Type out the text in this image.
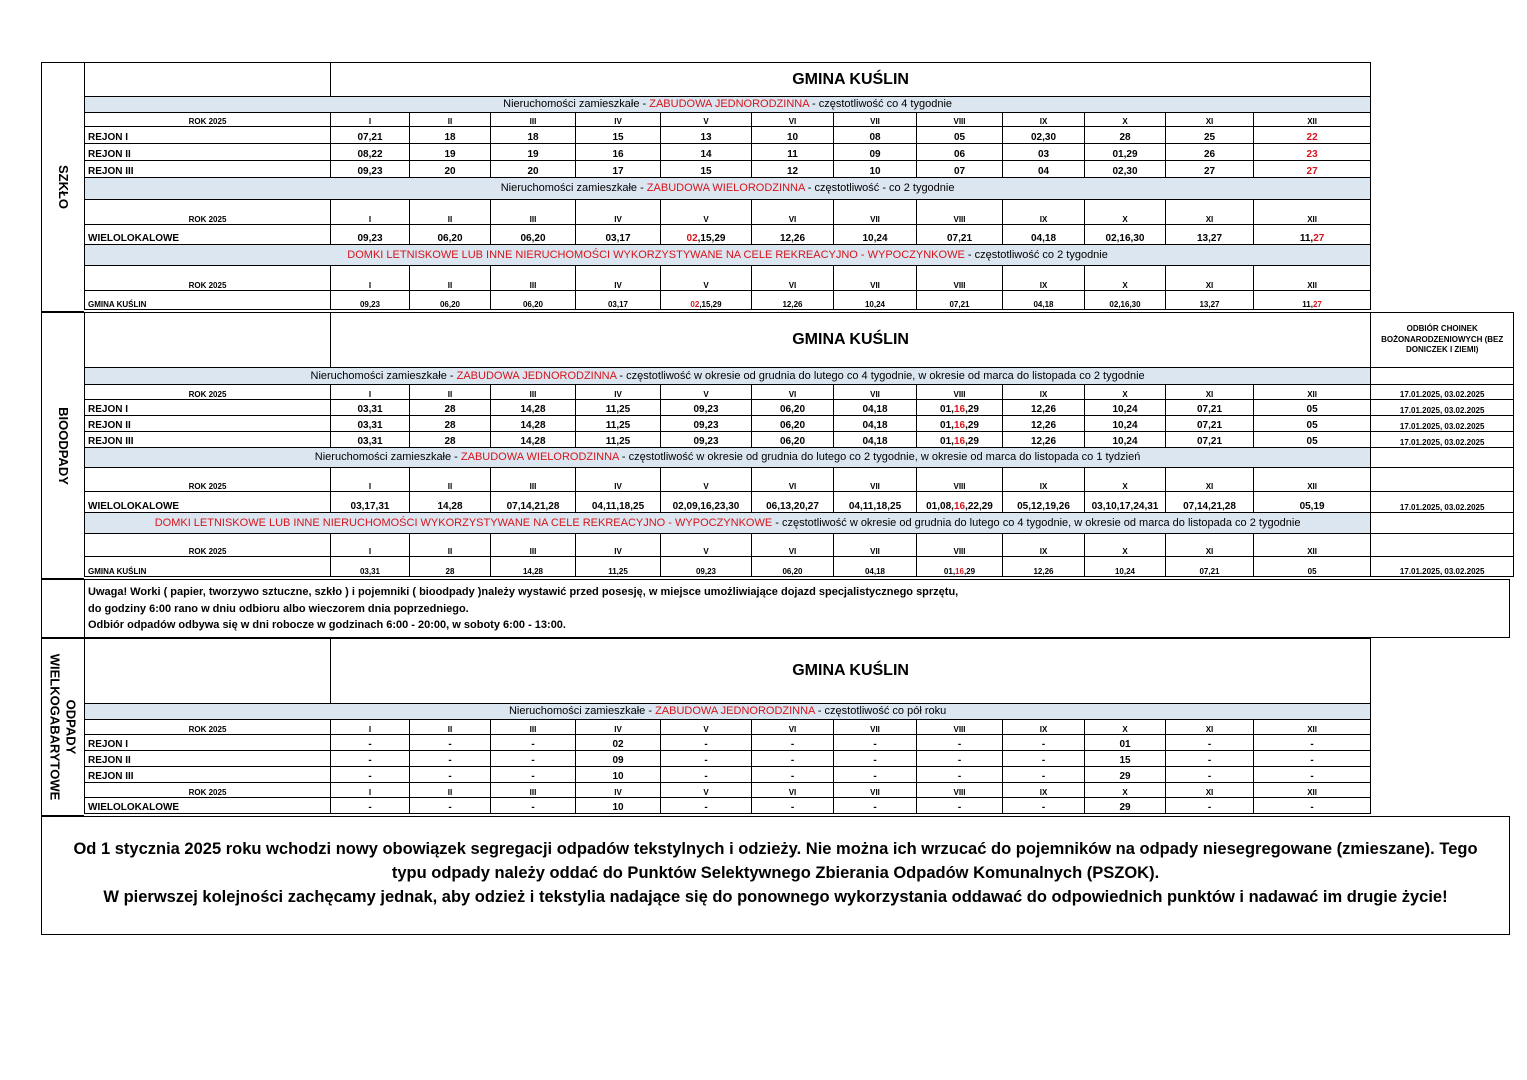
SZKŁO
BIOODPADY
ODPADY
WIELKOGABARYTOWE
	GMINA KUŚLIN											
Nieruchomości zamieszkałe - ZABUDOWA JEDNORODZINNA - częstotliwość co 4 tygodnie												
ROK 2025	I	II	III	IV	V	VI	VII	VIII	IX	X	XI	XII
REJON I	07,21	18	18	15	13	10	08	05	02,30	28	25	22
REJON II	08,22	19	19	16	14	11	09	06	03	01,29	26	23
REJON III	09,23	20	20	17	15	12	10	07	04	02,30	27	27
Nieruchomości zamieszkałe - ZABUDOWA WIELORODZINNA - częstotliwość - co 2 tygodnie												
ROK 2025	I	II	III	IV	V	VI	VII	VIII	IX	X	XI	XII
WIELOLOKALOWE	09,23	06,20	06,20	03,17	02,15,29	12,26	10,24	07,21	04,18	02,16,30	13,27	11,27
DOMKI LETNISKOWE LUB INNE NIERUCHOMOŚCI WYKORZYSTYWANE NA CELE REKREACYJNO - WYPOCZYNKOWE - częstotliwość co 2 tygodnie												
ROK 2025	I	II	III	IV	V	VI	VII	VIII	IX	X	XI	XII
GMINA KUŚLIN	09,23	06,20	06,20	03,17	02,15,29	12,26	10,24	07,21	04,18	02,16,30	13,27	11,27
	GMINA KUŚLIN												ODBIÓR CHOINEK BOŻONARODZENIOWYCH (BEZ DONICZEK I ZIEMI)
Nieruchomości zamieszkałe - ZABUDOWA JEDNORODZINNA - częstotliwość w okresie od grudnia do lutego co 4 tygodnie, w okresie od marca do listopada co 2 tygodnie													
ROK 2025	I	II	III	IV	V	VI	VII	VIII	IX	X	XI	XII	17.01.2025, 03.02.2025
REJON I	03,31	28	14,28	11,25	09,23	06,20	04,18	01,16,29	12,26	10,24	07,21	05	17.01.2025, 03.02.2025
REJON II	03,31	28	14,28	11,25	09,23	06,20	04,18	01,16,29	12,26	10,24	07,21	05	17.01.2025, 03.02.2025
REJON III	03,31	28	14,28	11,25	09,23	06,20	04,18	01,16,29	12,26	10,24	07,21	05	17.01.2025, 03.02.2025
Nieruchomości zamieszkałe - ZABUDOWA WIELORODZINNA - częstotliwość w okresie od grudnia do lutego co 2 tygodnie, w okresie od marca do listopada co 1 tydzień													
ROK 2025	I	II	III	IV	V	VI	VII	VIII	IX	X	XI	XII	
WIELOLOKALOWE	03,17,31	14,28	07,14,21,28	04,11,18,25	02,09,16,23,30	06,13,20,27	04,11,18,25	01,08,16,22,29	05,12,19,26	03,10,17,24,31	07,14,21,28	05,19	17.01.2025, 03.02.2025
DOMKI LETNISKOWE LUB INNE NIERUCHOMOŚCI WYKORZYSTYWANE NA CELE REKREACYJNO - WYPOCZYNKOWE - częstotliwość w okresie od grudnia do lutego co 4 tygodnie, w okresie od marca do listopada co 2 tygodnie													
ROK 2025	I	II	III	IV	V	VI	VII	VIII	IX	X	XI	XII	
GMINA KUŚLIN	03,31	28	14,28	11,25	09,23	06,20	04,18	01,16,29	12,26	10,24	07,21	05	17.01.2025, 03.02.2025
Uwaga! Worki ( papier, tworzywo sztuczne, szkło ) i pojemniki ( bioodpady )należy wystawić przed posesję, w miejsce umożliwiające dojazd specjalistycznego sprzętu,
do godziny 6:00 rano w dniu odbioru albo wieczorem dnia poprzedniego.
Odbiór odpadów odbywa się w dni robocze w godzinach 6:00 - 20:00, w soboty 6:00 - 13:00.
	GMINA KUŚLIN											
Nieruchomości zamieszkałe - ZABUDOWA JEDNORODZINNA - częstotliwość co pół roku												
ROK 2025	I	II	III	IV	V	VI	VII	VIII	IX	X	XI	XII
REJON I	-	-	-	02	-	-	-	-	-	01	-	-
REJON II	-	-	-	09	-	-	-	-	-	15	-	-
REJON III	-	-	-	10	-	-	-	-	-	29	-	-
ROK 2025	I	II	III	IV	V	VI	VII	VIII	IX	X	XI	XII
WIELOLOKALOWE	-	-	-	10	-	-	-	-	-	29	-	-
Od 1 stycznia 2025 roku wchodzi nowy obowiązek segregacji odpadów tekstylnych i odzieży. Nie można ich wrzucać do pojemników na odpady niesegregowane (zmieszane). Tego
typu odpady należy oddać do Punktów Selektywnego Zbierania Odpadów Komunalnych (PSZOK).
W pierwszej kolejności zachęcamy jednak, aby odzież i tekstylia nadające się do ponownego wykorzystania oddawać do odpowiednich punktów i nadawać im drugie życie!
